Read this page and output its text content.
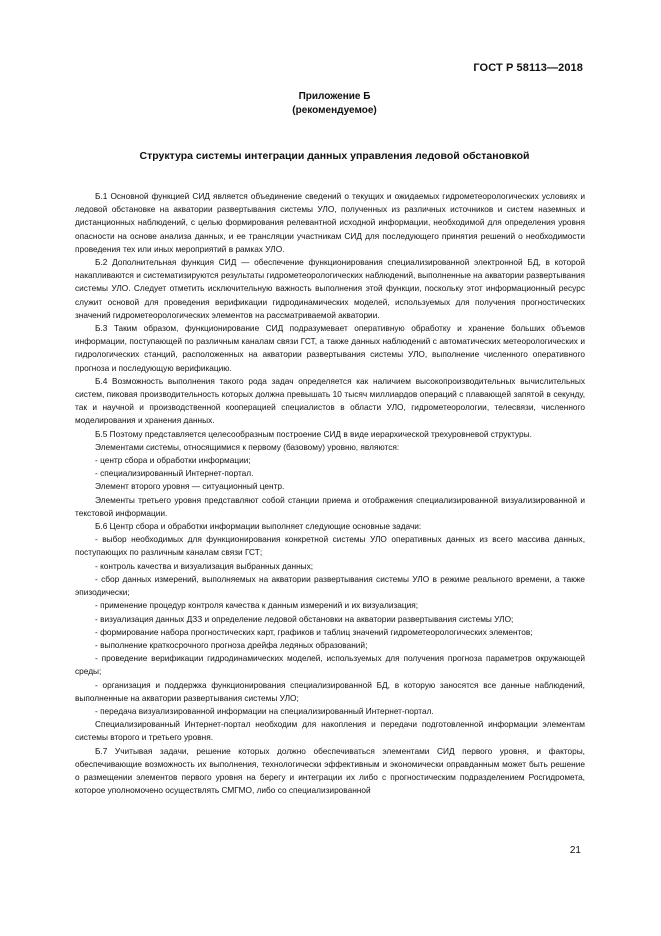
ГОСТ Р 58113—2018
Приложение Б
(рекомендуемое)
Структура системы интеграции данных управления ледовой обстановкой

Б.1 Основной функцией СИД является объединение сведений о текущих и ожидаемых гидрометеорологических условиях и ледовой обстановке на акватории развертывания системы УЛО, полученных из различных источников и систем наземных и дистанционных наблюдений, с целью формирования релевантной исходной информации, необходимой для определения уровня опасности на основе анализа данных, и ее трансляции участникам СИД для последующего принятия решений о необходимости проведения тех или иных мероприятий в рамках УЛО.

Б.2 Дополнительная функция СИД — обеспечение функционирования специализированной электронной БД, в которой накапливаются и систематизируются результаты гидрометеорологических наблюдений, выполненные на акватории развертывания системы УЛО. Следует отметить исключительную важность выполнения этой функции, поскольку этот информационный ресурс служит основой для проведения верификации гидродинамических моделей, используемых для получения прогностических значений гидрометеорологических элементов на рассматриваемой акватории.

Б.3 Таким образом, функционирование СИД подразумевает оперативную обработку и хранение больших объемов информации, поступающей по различным каналам связи ГСТ, а также данных наблюдений с автоматических метеорологических и гидрологических станций, расположенных на акватории развертывания системы УЛО, выполнение численного оперативного прогноза и последующую верификацию.

Б.4 Возможность выполнения такого рода задач определяется как наличием высокопроизводительных вычислительных систем, пиковая производительность которых должна превышать 10 тысяч миллиардов операций с плавающей запятой в секунду, так и научной и производственной кооперацией специалистов в области УЛО, гидрометеорологии, телесвязи, численного моделирования и хранения данных.

Б.5 Поэтому представляется целесообразным построение СИД в виде иерархической трехуровневой структуры.

Элементами системы, относящимися к первому (базовому) уровню, являются:

- центр сбора и обработки информации;

- специализированный Интернет-портал.

Элемент второго уровня — ситуационный центр.

Элементы третьего уровня представляют собой станции приема и отображения специализированной визуализированной и текстовой информации.

Б.6 Центр сбора и обработки информации выполняет следующие основные задачи:

- выбор необходимых для функционирования конкретной системы УЛО оперативных данных из всего массива данных, поступающих по различным каналам связи ГСТ;

- контроль качества и визуализация выбранных данных;

- сбор данных измерений, выполняемых на акватории развертывания системы УЛО в режиме реального времени, а также эпизодически;

- применение процедур контроля качества к данным измерений и их визуализация;

- визуализация данных ДЗЗ и определение ледовой обстановки на акватории развертывания системы УЛО;

- формирование набора прогностических карт, графиков и таблиц значений гидрометеорологических элементов;

- выполнение краткосрочного прогноза дрейфа ледяных образований;

- проведение верификации гидродинамических моделей, используемых для получения прогноза параметров окружающей среды;

- организация и поддержка функционирования специализированной БД, в которую заносятся все данные наблюдений, выполненные на акватории развертывания системы УЛО;

- передача визуализированной информации на специализированный Интернет-портал.

Специализированный Интернет-портал необходим для накопления и передачи подготовленной информации элементам системы второго и третьего уровня.

Б.7 Учитывая задачи, решение которых должно обеспечиваться элементами СИД первого уровня, и факторы, обеспечивающие возможность их выполнения, технологически эффективным и экономически оправданным может быть решение о размещении элементов первого уровня на берегу и интеграции их либо с прогностическим подразделением Росгидромета, которое уполномочено осуществлять СМГМО, либо со специализированной

21
